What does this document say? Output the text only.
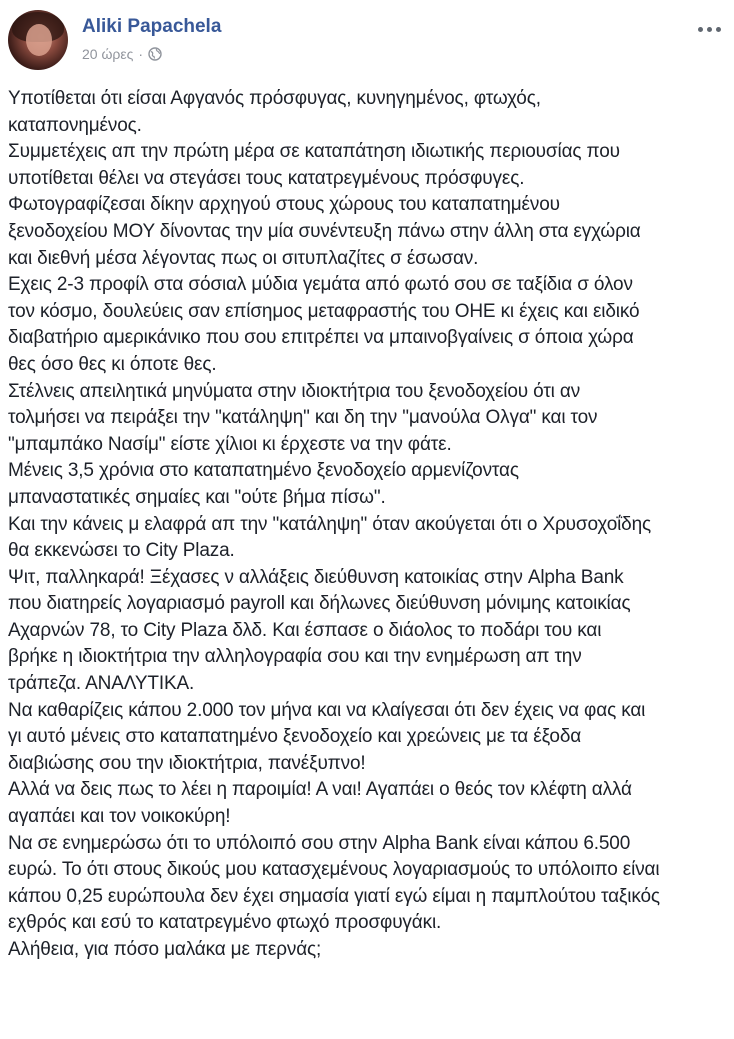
Aliki Papachela
20 ώρες ·
Υποτίθεται ότι είσαι Αφγανός πρόσφυγας, κυνηγημένος, φτωχός,
καταπονημένος.
Συμμετέχεις απ την πρώτη μέρα σε καταπάτηση ιδιωτικής περιουσίας που
υποτίθεται θέλει να στεγάσει τους κατατρεγμένους πρόσφυγες.
Φωτογραφίζεσαι δίκην αρχηγού στους χώρους του καταπατημένου
ξενοδοχείου ΜΟΥ δίνοντας την μία συνέντευξη πάνω στην άλλη στα εγχώρια
και διεθνή μέσα λέγοντας πως οι σιτυπλαζίτες σ έσωσαν.
Εχεις 2-3 προφίλ στα σόσιαλ μύδια γεμάτα από φωτό σου σε ταξίδια σ όλον
τον κόσμο, δουλεύεις σαν επίσημος μεταφραστής του ΟΗΕ κι έχεις και ειδικό
διαβατήριο αμερικάνικο που σου επιτρέπει να μπαινοβγαίνεις σ όποια χώρα
θες όσο θες κι όποτε θες.
Στέλνεις απειλητικά μηνύματα στην ιδιοκτήτρια του ξενοδοχείου ότι αν
τολμήσει να πειράξει την "κατάληψη" και δη την "μανούλα Ολγα" και τον
"μπαμπάκο Νασίμ" είστε χίλιοι κι έρχεστε να την φάτε.
Μένεις 3,5 χρόνια στο καταπατημένο ξενοδοχείο αρμενίζοντας
μπαναστατικές σημαίες και "ούτε βήμα πίσω".
Και την κάνεις μ ελαφρά απ την "κατάληψη" όταν ακούγεται ότι ο Χρυσοχοΐδης
θα εκκενώσει το City Plaza.
Ψιτ, παλληκαρά! Ξέχασες ν αλλάξεις διεύθυνση κατοικίας στην Alpha Bank
που διατηρείς λογαριασμό payroll και δήλωνες διεύθυνση μόνιμης κατοικίας
Αχαρνών 78, το City Plaza δλδ. Και έσπασε ο διάολος το ποδάρι του και
βρήκε η ιδιοκτήτρια την αλληλογραφία σου και την ενημέρωση απ την
τράπεζα. ΑΝΑΛΥΤΙΚΑ.
Να καθαρίζεις κάπου 2.000 τον μήνα και να κλαίγεσαι ότι δεν έχεις να φας και
γι αυτό μένεις στο καταπατημένο ξενοδοχείο και χρεώνεις με τα έξοδα
διαβιώσης σου την ιδιοκτήτρια, πανέξυπνο!
Αλλά να δεις πως το λέει η παροιμία! Α ναι! Αγαπάει ο θεός τον κλέφτη αλλά
αγαπάει και τον νοικοκύρη!
Να σε ενημερώσω ότι το υπόλοιπό σου στην Alpha Bank είναι κάπου 6.500
ευρώ. Το ότι στους δικούς μου κατασχεμένους λογαριασμούς το υπόλοιπο είναι
κάπου 0,25 ευρώπουλα δεν έχει σημασία γιατί εγώ είμαι η παμπλούτου ταξικός
εχθρός και εσύ το κατατρεγμένο φτωχό προσφυγάκι.
Αλήθεια, για πόσο μαλάκα με περνάς;
